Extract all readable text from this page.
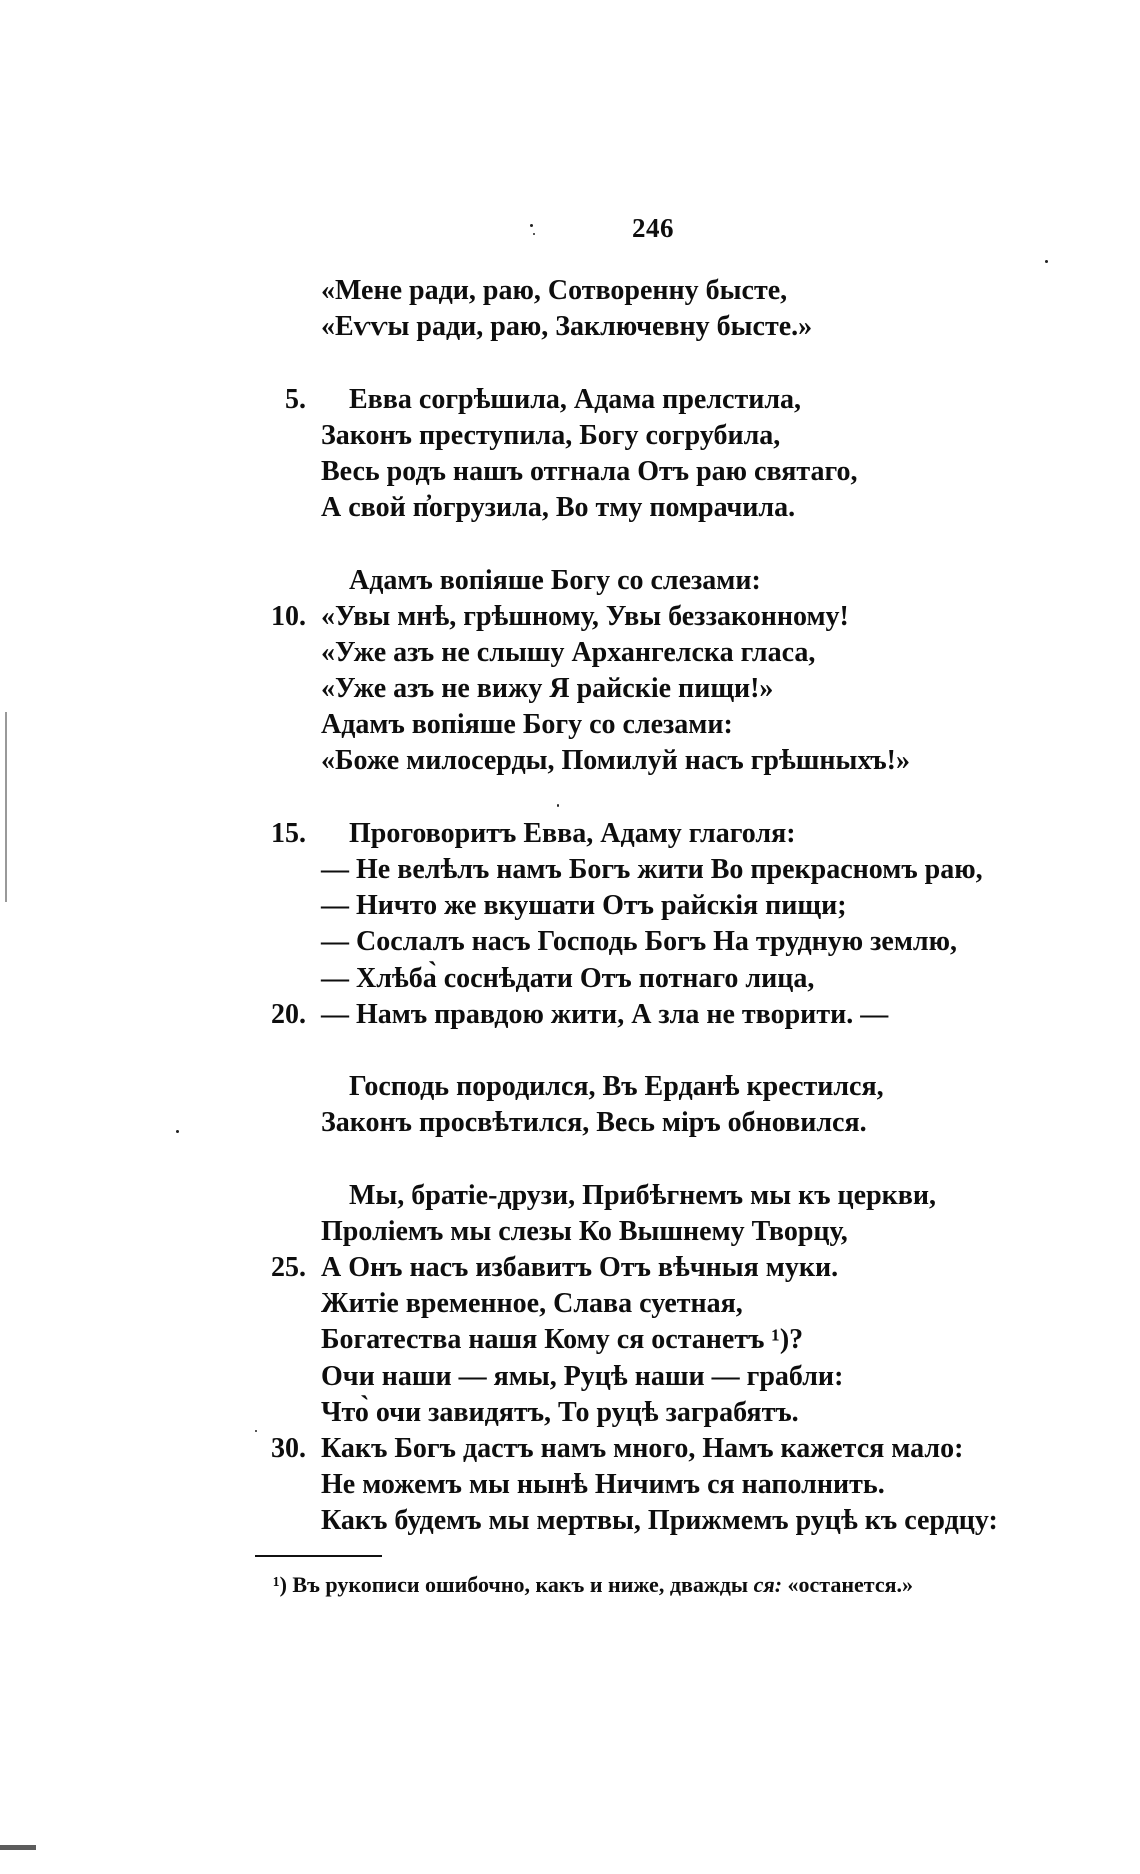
246
«Мене ради, раю, Сотворенну бысте,
«Еѵѵы ради, раю, Заключевну бысте.»
5. Евва согрѣшила, Адама прелстила,
Законъ преступила, Богу согрубила,
Весь родъ нашъ отгнала Отъ раю святаго,
А свой п̓огрузила, Во тму помрачила.
Адамъ вопіяше Богу со слезами:
10. «Увы мнѣ, грѣшному, Увы беззаконному!
«Уже азъ не слышу Архангелска гласа,
«Уже азъ не вижу Я райскіе пищи!»
Адамъ вопіяше Богу со слезами:
«Боже милосерды, Помилуй насъ грѣшныхъ!»
15. Проговоритъ Евва, Адаму глаголя:
— Не велѣлъ намъ Богъ жити Во прекрасномъ раю,
— Ничто же вкушати Отъ райскія пищи;
— Сослалъ насъ Господь Богъ На трудную землю,
— Хлѣба̀ соснѣдати Отъ потнаго лица,
20. — Намъ правдою жити, А зла не творити. —
Господь породился, Въ Ерданѣ крестился,
Законъ просвѣтился, Весь міръ обновился.
Мы, братіе-друзи, Прибѣгнемъ мы къ церкви,
Проліемъ мы слезы Ко Вышнему Творцу,
25. А Онъ насъ избавитъ Отъ вѣчныя муки.
Житіе временное, Слава суетная,
Богатества нашя Кому ся останетъ ¹)?
Очи наши — ямы, Руцѣ наши — грабли:
Что̀ очи завидятъ, То руцѣ заграбятъ.
30. Какъ Богъ дастъ намъ много, Намъ кажется мало:
Не можемъ мы нынѣ Ничимъ ся наполнить.
Какъ будемъ мы мертвы, Прижмемъ руцѣ къ сердцу:
¹) Въ рукописи ошибочно, какъ и ниже, дважды ся: «останется.»
